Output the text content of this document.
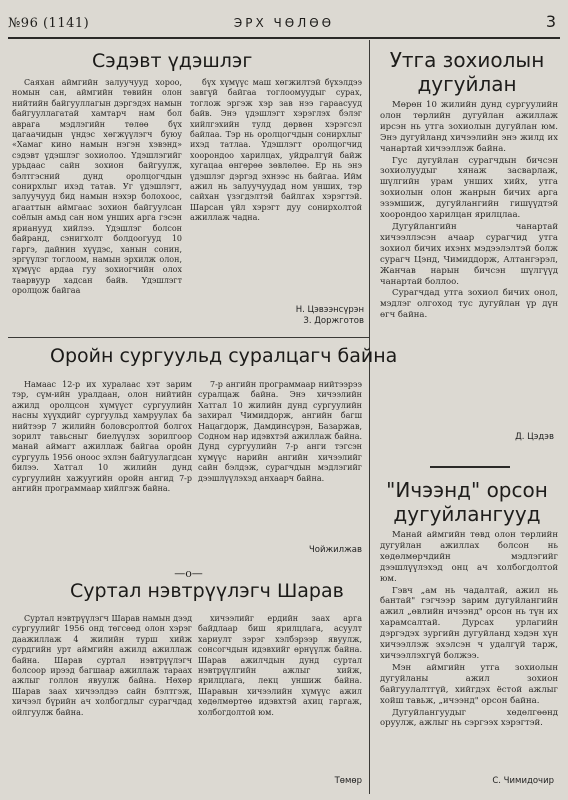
№96 (1141)	ЭРХ ЧӨЛӨӨ	3
Сэдэвт үдэшлэг
Саяхан аймгийн залуучууд хороо, номын сан, аймгийн төвийн олон нийтийн байгууллагын дэргэдэх намын байгууллагатай хамтарч нам бол аврага мэдлэгийн төлөө бүх цагаачидын үндэс хөгжүүлэгч буюу «Хамаг кино намын нэгэн хэвэнд» сэдэвт үдэшлэг зохиолоо. Үдэшлэгийг урьдаас сайн зохион байгуулж, бэлтгэсний дунд оролцогчдын сонирхлыг ихэд татав. Уг үдэшлэгт, залуучууд бид намын нэхэр болохоос, агааттын аймгаас зохион байгуулсан соёлын амьд сан ном унших арга гэсэн ярианууд хийлээ. Үдэшлэг болсон байранд, сэнигхолт болдоогууд 10 гаргэ, дайнин хүүдэс, ханын сонин, эргүүлэг тоглоом, намын эрхилж олон, хүмүүс ардаа гуу зохиогчийн олох таарвуур хадсан байв. Үдэшлэгт оролцож байгаа
бүх хүмүүс маш хөгжилтэй бүхэлдээ завгүй байгаа тоглоомуудыг сурах, тоглож эргэж хэр зав нээ гараасууд байв. Энэ үдэшлэгт хэрэглэх бэлэг хийлгэхийн тулд дөрвөн хэрэгсэл байлаа. Тэр нь оролцогчдын сонирхлыг ихэд татлаа. Үдэшлэгт оролцогчид хоорондоо харилцах, уйдралгүй байж хугацаа өнгөрөө зөвлөлөө. Ер нь энэ үдэшлэг дэргэд эхнээс нь байгаа. Ийм ажил нь залуучуудад ном унших, тэр сайхан үзэгдэлтэй байлгах хэрэгтэй. Шарсан үйл хэрэгт дуу сонирхолтой ажиллаж чадна.
Н. Цэвээнсүрэн
З. Доржготов
Оройн сургуульд суралцагч байна
Намаас 12-р их хуралаас хэт зарим тэр, сүм-ийн уралдаан, олон нийтийн ажилд оролцсон хүмүүст сургуулийн насны хүүхдийг сургуульд хамруулах ба нийтээр 7 жилийн боловсролтой болгох зорилт тавьсныг биелүүлэх зорилгоор манай аймагт ажиллаж байгаа оройн сургууль 1956 оноос эхлэн байгуулагдсан билээ. Хатгал 10 жилийн дунд сургуулийн хажуугийн оройн ангид 7-р ангийн программаар хийлгэж байна.
7-р ангийн программаар нийтээрээ суралцаж байна. Энэ хичээлийн Хатгал 10 жилийн дунд сургуулийн захирал Чимиддорж, ангийн багш Нацагдорж, Дамдинсүрэн, Базаржав, Содном нар идэвхтэй ажиллаж байна. Дунд сургуулийн 7-р анги тэгсэн хүмүүс нарийн ангийн хичээлийг сайн бэлдэж, сурагчдын мэдлэгийг дээшлүүлэхэд анхаарч байна.
Чойжилжав
—о—
Суртал нэвтрүүлэгч Шарав
Суртал нэвтрүүлэгч Шарав намын дээд сургуулийг 1956 онд төгсөөд олон хэрэг даажиллаж 4 жилийн турш хийж сурдгийн урт аймгийн ажилд ажиллаж байна. Шарав суртал нэвтрүүлэгч болсоор ирээд багшаар ажиллаж тараах ажлыг голлон явуулж байна. Нөхөр Шарав заах хичээлдээ сайн бэлтгэж, хичээл бүрийн ач холбогдлыг сурагчдад ойлгуулж байна.
хичээлийг ердийн заах арга байдлаар биш ярилцлага, асуулт хариулт зэрэг хэлбэрээр явуулж, сонсогчдын идэвхийг өрнүүлж байна. Шарав ажилчдын дунд суртал нэвтрүүлгийн ажлыг хийж, ярилцлага, лекц уншиж байна. Шаравын хичээлийн хүмүүс ажил хөдөлмөртөө идэвхтэй ахиц гаргаж, холбогдолтой юм.
Төмөр
Утга зохиолын дугуйлан

Мөрөн 10 жилийн дунд сургуулийн олон төрлийн дугуйлан ажиллаж ирсэн нь утга зохиолын дугуйлан юм. Энэ дугуйланд хичээлийн энэ жилд их чанартай хичээллэж байна.

Гус дугуйлан сурагчдын бичсэн зохиолуудыг хянаж засварлаж, шүлгийн урам унших хийх, утга зохиолын олон жанрын бичих арга эзэмшиж, дугуйлангийн гишүүдтэй хоорондоо харилцан ярилцлаа.

Дугуйлангийн чанартай хичээллэсэн ачаар сурагчид утга зохиол бичих ихэнх мэдээлэлтэй болж сурагч Цэнд, Чимиддорж, Алтангэрэл, Жанчав нарын бичсэн шүлгүүд чанартай боллоо.

Сурагчдад утга зохиол бичих онол, мэдлэг олгоход тус дугуйлан үр дүн өгч байна.

Д. Цэдэв
"Ичээнд" орсон дугуйлангууд

Манай аймгийн төвд олон төрлийн дугуйлан ажиллах болсон нь хөдөлмөрчдийн мэдлэгийг дээшлүүлэхэд онц ач холбогдолтой юм.

Гэвч „ам нь чадалтай, ажил нь бантай" гэгчээр зарим дугуйлангийн ажил „өвлийн ичээнд" орсон нь түн их харамсалтай. Дурсах урлагийн дэргэдэх зургийн дугуйланд хэдэн хүн хичээллэж эхэлсэн ч удалгүй тарж, хичээллэхгүй болжээ.

Мэн аймгийн утга зохиолын дугуйланы ажил зохион байгуулалтгүй, хийгдэх ёстой ажлыг хойш тавьж, „ичээнд" орсон байна.

Дугуйлангуудыг хөдөлгөөнд оруулж, ажлыг нь сэргээх хэрэгтэй.

С. Чимидочир
